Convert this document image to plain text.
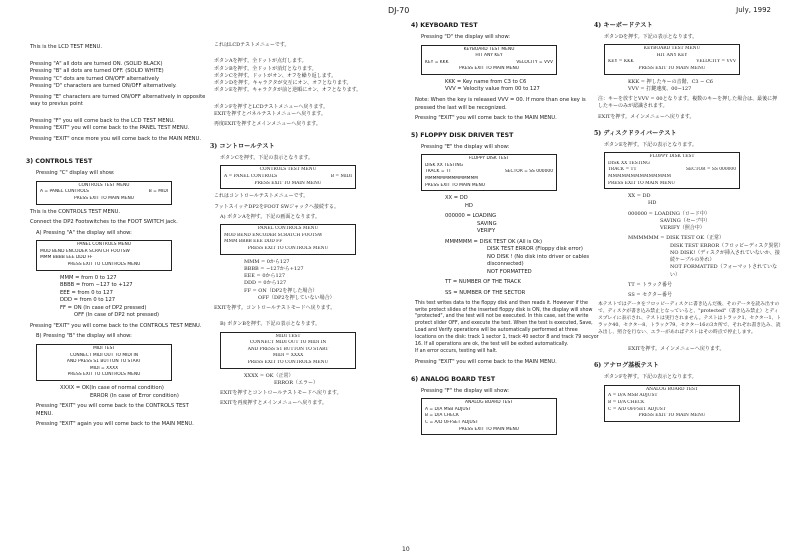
DJ-70	July, 1992
This is the LCD TEST MENU.
Pressing "A" all dots are turned ON. (SOLID BLACK)
Pressing "B" all dots are turned OFF. (SOLID WHITE)
Pressing "C" dots are turned ON/OFF alternatively
Pressing "D" characters are turned ON/OFF alternatively.
Pressing "E" characters are turned ON/OFF alternatively in opposite way to previus point
Pressing "F" you will come back to the LCD TEST MENU.
Pressing "EXIT" you will come back to the PANEL TEST MENU.
Pressing "EXIT" once more you will come back to the MAIN MENU.
3) CONTROLS TEST
Pressing "C" display will show:
CONTROLS TEST MENU
A = PANEL CONTROLS	B = MIDI
PRESS EXIT TO MAIN MENU
This is the CONTROLS TEST MENU.
Connect the DP2 Footswitches to the FOOT SWITCH jack.
A) Pressing "A" the display will show:
PANEL CONTROLS MENU
MOD BEND ENCODER SCRATCH FOOTSW
MMM BBBB EEE DDD FF
PRESS EXIT TO CONTROLS MENU
MMM = from 0 to 127
BBBB = from −127 to +127
EEE = from 0 to 127
DDD = from 0 to 127
FF = ON (In case of DP2 pressed)
OFF (In case of DP2 not pressed)
Pressing "EXIT" you will come back to the CONTROLS TEST MENU.
B) Pressing "B" the display will show:
MIDI TEST
CONNECT MIDI OUT TO MIDI IN
AND PRESS S1 BUTTON TO START
MIDI = XXXX
PRESS EXIT TO CONTROLS MENU
XXXX = OK(In case of normal condition)
ERROR (In case of Error condition)
Pressing "EXIT" you will come back to the CONTROLS TEST MENU.
Pressing "EXIT" again you will come back to the MAIN MENU.
これはLCDテストメニューです。
ボタンAを押す。全ドットが点灯します。
ボタンBを押す。全ドットが消灯となります。
ボタンCを押す。ドットがオン、オフを繰り返します。
ボタンDを押す。キャラクタが交互にオン、オフとなります。
ボタンEを押す。キャラクタが前と逆順にオン、オフとなります。
ボタンFを押すとLCDテストメニューへ戻ります。
EXITを押すとパネルテストメニューへ戻ります。
再度EXITを押すとメインメニューへ戻ります。
3) コントロールテスト
ボタンCを押す。下記の表示となります。
CONTROLS TEST MENU
A = PANEL CONTROLS	B = MIDI
PRESS EXIT TO MAIN MENU
これはコントロールテストメニューです。
フットスイッチDP2をFOOT SWジャックへ接続する。
A) ボタンAを押す。下記の画面となります。
PANEL CONTROLS MENU
MOD BEND ENCODER SCRATCH FOOTSW
MMM BBBB EEE DDD FF
PRESS EXIT TO CONTROLS MENU
MMM = 0から127
BBBB = −127から+127
EEE = 0から127
DDD = 0から127
FF = ON（DP2を押した場合）
OFF（DP2を押していない場合）
EXITを押す。コントロールテストモードへ戻ります。
B) ボタンBを押す。下記の表示となります。
MIDI TEST
CONNECT MIDI OUT TO MIDI IN
AND PRESS S1 BUTTON TO START
MIDI = XXXX
PRESS EXIT TO CONTROLS MENU
XXXX = OK（正常）
ERROR（エラー）
EXITを押すとコントロールテストモードへ戻ります。
EXITを再度押すとメインメニューへ戻ります。
4) KEYBOARD TEST
Pressing "D" the display will show:
KEYBOARD TEST MENU
HIT ANY KEY
KEY = KKK	VELOCITY = VVV
PRESS EXIT TO MAIN MENU
KKK = Key name from C3 to C6
VVV = Velocity value from 00 to 127
Note: When the key is released VVV = 00. If more than one key is pressed the last will be recognized.
Pressing "EXIT" you will come back to the MAIN MENU.
5) FLOPPY DISK DRIVER TEST
Pressing "E" the display will show:
FLOPPY DISK TEST
DISK XX TESTING
TRACK = TT	SECTOR = SS 000000
MMMMMMMMMMMMMM
PRESS EXIT TO MAIN MENU
XX = DD
HD
000000 = LOADING
SAVING
VERIFY
MMMMMM = DISK TEST OK (All is Ok)
DISK TEST ERROR (Floppy disk error)
NO DISK ! (No disk into driver or cables disconnected)
NOT FORMATTED
TT = NUMBER OF THE TRACK
SS = NUMBER OF THE SECTOR
This test writes data to the floppy disk and then reads it. However if the write protect slides of the inserted floppy disk is ON, the display will show "protected", and the test will not be executed. In this case, set the write protect slider OFF, and execute the test. When the test is executed, Save, Load and Verify operations will be automatically performed at three locations on the disk: track 1 sector 1, track 40 sector 8 and track 79 secyor 16. If all operations are ok, the test will be exited automatically.
If an error occurs, testing will halt.
Pressing "EXIT" you will come back to the MAIN MENU.
6) ANALOG BOARD TEST
Pressing "F" the display will show:
ANALOG BOARD TEST
A = D/A MSB ADJUST
B = D/A CHECK
C = A/D OFFSET ADJUST
PRESS EXIT TO MAIN MENU
4) キーボードテスト
ボタンDを押す。下記の表示となります。
KEYBOARD TEST MENU
HIT ANY KEY
KEY = KKK	VELOCITY = VVV
PRESS EXIT TO MAIN MENU
KKK = 押したキーの音階、C3 − C6
VVV = 打鍵速度、00−127
注：キーを放すとVVV = 00となります。複数のキーを押した場合は、最後に押したキーのみが認識されます。
EXITを押す。メインメニューへ戻ります。
5) ディスクドライバーテスト
ボタンEを押す。下記の表示となります。
FLOPPY DISK TEST
DISK XX TESTING
TRACK = TT	SECTOR = SS 000000
MMMMMMMMMMMMMM
PRESS EXIT TO MAIN MENU
XX = DD
HD
000000 = LOADING（ロード中）
SAVING（セーブ中）
VERIFY（照合中）
MMMMMM = DISK TEST OK（正常）
DISK TEST ERROR（フロッピーディスク異常）
NO DISK!（ディスクが挿入されていないか、接続ケーブルの外れ）
NOT FORMATTED（フォーマットされていない）
TT = トラック番号
SS = セクター番号
本テストではデータをフロッピーディスクに書き込んだ後、そのデータを読み出すので、ディスクが書き込み禁止となっていると、"protected"（書き込み禁止）とディスプレイに表示され、テストは実行されません。テストはトラック1、セクター1、トラック40、セクター8、トラック79、セクター16の3カ所で、それぞれ書き込み、読み出し、照合を行ない、エラーがあればテストはその時点で停止します。
EXITを押す。メインメニューへ戻ります。
6) アナログ基板テスト
ボタンFを押す。下記の表示となります。
ANALOG BOARD TEST
A = D/A MSB ADJUST
B = D/A CHECK
C = A/D OFFSET ADJUST
PRESS EXIT TO MAIN MENU
10
